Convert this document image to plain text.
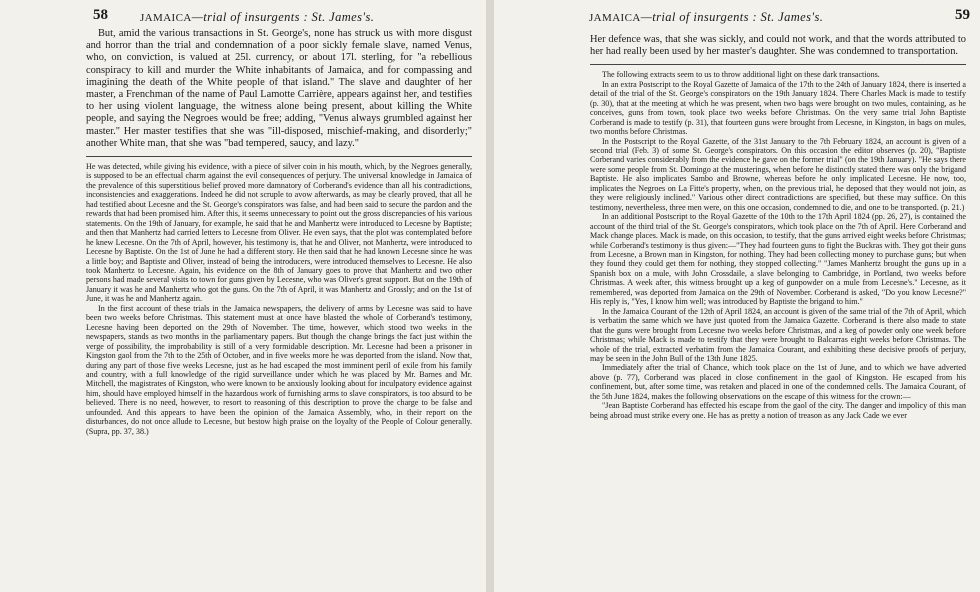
58	JAMAICA—trial of insurgents : St. James's.

But, amid the various transactions in St. George's, none has struck us with more disgust and horror than the trial and condemnation of a poor sickly female slave, named Venus, who, on conviction, is valued at 25l. currency, or about 17l. sterling, for "a rebellious conspiracy to kill and murder the White inhabitants of Jamaica, and for compassing and imagining the death of the White people of that island." The slave and daughter of her master, a Frenchman of the name of Paul Lamotte Carrière, appears against her, and testifies to her using violent language, the witness alone being present, about killing the White people, and saying the Negroes would be free; adding, "Venus always grumbled against her master." Her master testifies that she was "ill-disposed, mischief-making, and disorderly;" another White man, that she was "bad tempered, saucy, and lazy."

He was detected, while giving his evidence, with a piece of silver coin in his mouth, which, by the Negroes generally, is supposed to be an effectual charm against the evil consequences of perjury. The universal knowledge in Jamaica of the prevalence of this superstitious belief proved more damnatory of Corberand's evidence than all his contradictions, inconsistencies and exaggerations. Indeed he did not scruple to avow afterwards, as may be clearly proved, that all he had testified about Lecesne and the St. George's conspirators was false, and had been said to secure the pardon and the rewards that had been promised him. After this, it seems unnecessary to point out the gross discrepancies of his various statements. On the 19th of January, for example, he said that he and Manhertz were introduced to Lecesne by Baptiste; and then that Manhertz had carried letters to Lecesne from Oliver. He even says, that the plot was contemplated before he knew Lecesne. On the 7th of April, however, his testimony is, that he and Oliver, not Manhertz, were introduced to Lecesne by Baptiste. On the 1st of June he had a different story. He then said that he had known Lecesne since he was a little boy; and Baptiste and Oliver, instead of being the introducers, were introduced themselves to Lecesne. He also took Manhertz to Lecesne. Again, his evidence on the 8th of January goes to prove that Manhertz and two other persons had made several visits to town for guns given by Lecesne, who was Oliver's great support. But on the 19th of January it was he and Manhertz who got the guns. On the 7th of April, it was Manhertz and Grossly; and on the 1st of June, it was he and Manhertz again.

In the first account of these trials in the Jamaica newspapers, the delivery of arms by Lecesne was said to have been two weeks before Christmas. This statement must at once have blasted the whole of Corberand's testimony, Lecesne having been deported on the 29th of November. The time, however, which stood two weeks in the newspapers, stands as two months in the parliamentary papers. But though the change brings the fact just within the verge of possibility, the improbability is still of a very formidable description. Mr. Lecesne had been a prisoner in Kingston gaol from the 7th to the 25th of October, and in five weeks more he was deported from the island. Now that, during any part of those five weeks Lecesne, just as he had escaped the most imminent peril of exile from his family and country, with a full knowledge of the rigid surveillance under which he was placed by Mr. Barnes and Mr. Mitchell, the magistrates of Kingston, who were known to be anxiously looking about for inculpatory evidence against him, should have employed himself in the hazardous work of furnishing arms to slave conspirators, is too absurd to be believed. There is no need, however, to resort to reasoning of this description to prove the charge to be false and unfounded. And this appears to have been the opinion of the Jamaica Assembly, who, in their report on the disturbances, do not once allude to Lecesne, but bestow high praise on the loyalty of the People of Colour generally. (Supra, pp. 37, 38.)

JAMAICA—trial of insurgents : St. James's.	59

Her defence was, that she was sickly, and could not work, and that the words attributed to her had really been used by her master's daughter. She was condemned to transportation.

The following extracts seem to us to throw additional light on these dark transactions.

In an extra Postscript to the Royal Gazette of Jamaica of the 17th to the 24th of January 1824, there is inserted a detail of the trial of the St. George's conspirators on the 19th January 1824. There Charles Mack is made to testify (p. 30), that at the meeting at which he was present, when two bags were brought on two mules, containing, as he conceives, guns from town, took place two weeks before Christmas. On the very same trial John Baptiste Corberand is made to testify (p. 31), that fourteen guns were brought from Lecesne, in Kingston, in bags on mules, two months before Christmas.

In the Postscript to the Royal Gazette, of the 31st January to the 7th February 1824, an account is given of a second trial (Feb. 3) of some St. George's conspirators. On this occasion the editor observes (p. 20), "Baptiste Corberand varies considerably from the evidence he gave on the former trial" (on the 19th January). "He says there were some people from St. Domingo at the musterings, when before he distinctly stated there was only the brigand Baptiste. He also implicates Sambo and Browne, whereas before he only implicated Lecesne. He now, too, implicates the Negroes on La Fitte's property, when, on the previous trial, he deposed that they would not join, as they were religiously inclined." Various other direct contradictions are specified, but these may suffice. On this testimony, nevertheless, three men were, on this one occasion, condemned to die, and one to be transported. (p. 21.)

In an additional Postscript to the Royal Gazette of the 10th to the 17th April 1824 (pp. 26, 27), is contained the account of the third trial of the St. George's conspirators, which took place on the 7th of April. Here Corberand and Mack change places. Mack is made, on this occasion, to testify, that the guns arrived eight weeks before Christmas; while Corberand's testimony is thus given:—"They had fourteen guns to fight the Buckras with. They got their guns from Lecesne, a Brown man in Kingston, for nothing. They had been collecting money to purchase guns; but when they found they could get them for nothing, they stopped collecting." "James Manhertz brought the guns up in a Spanish box on a mule, with John Crossdaile, a slave belonging to Cambridge, in Portland, two weeks before Christmas. A week after, this witness brought up a keg of gunpowder on a mule from Lecesne's." Lecesne, as it remembered, was deported from Jamaica on the 29th of November. Corberand is asked, "Do you know Lecesne?" His reply is, "Yes, I know him well; was introduced by Baptiste the brigand to him."

In the Jamaica Courant of the 12th of April 1824, an account is given of the same trial of the 7th of April, which is verbatim the same which we have just quoted from the Jamaica Gazette. Corberand is there also made to state that the guns were brought from Lecesne two weeks before Christmas, and a keg of powder only one week before Christmas; while Mack is made to testify that they were brought to Balcarras eight weeks before Christmas. The whole of the trial, extracted verbatim from the Jamaica Courant, and exhibiting these decisive proofs of perjury, may be seen in the John Bull of the 13th June 1825.

Immediately after the trial of Chance, which took place on the 1st of June, and to which we have adverted above (p. 77), Corberand was placed in close confinement in the gaol of Kingston. He escaped from his confinement, but, after some time, was retaken and placed in one of the condemned cells. The Jamaica Courant, of the 5th June 1824, makes the following observations on the escape of this witness for the crown:—

"Jean Baptiste Corberand has effected his escape from the gaol of the city. The danger and impolicy of this man being abroad must strike every one. He has as pretty a notion of treason as any Jack Cade we ever
